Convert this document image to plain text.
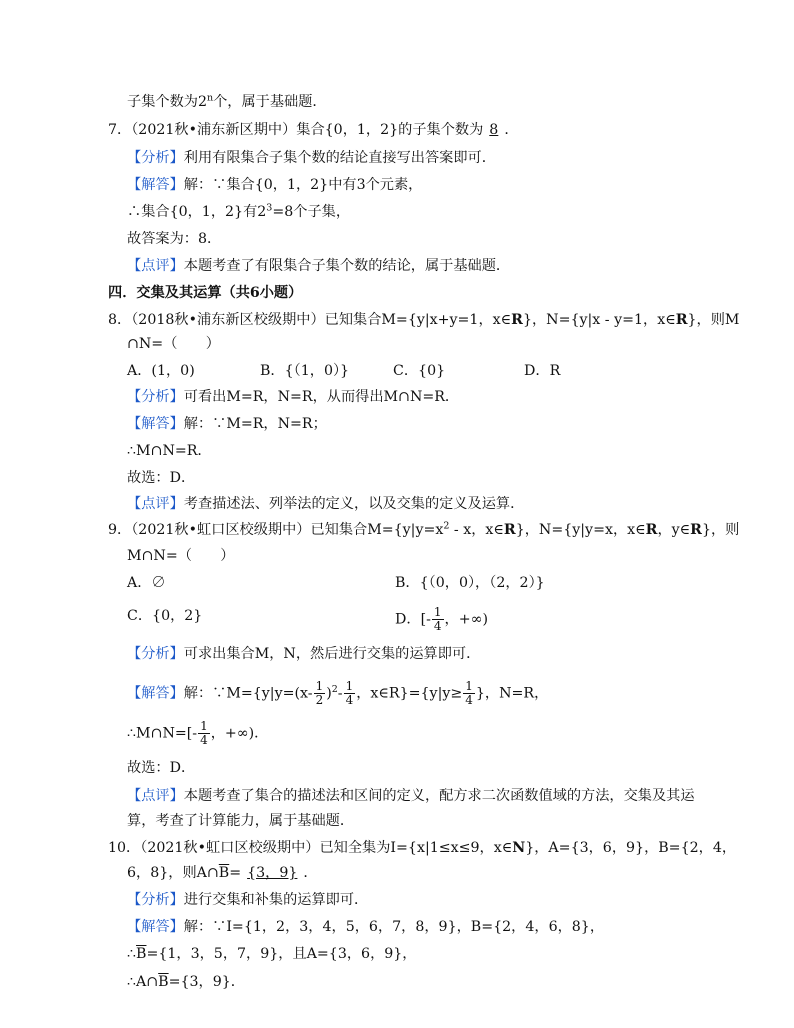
子集个数为2$^n$个，属于基础题．
7．（2021秋•浦东新区期中）集合{0，1，2}的子集个数为 8 ．
【分析】利用有限集合子集个数的结论直接写出答案即可．
【解答】解：∵集合{0，1，2}中有3个元素，
∴集合{0，1，2}有$2^3=8$个子集，
故答案为：8．
【点评】本题考查了有限集合子集个数的结论，属于基础题．
四．交集及其运算（共6小题）
8．（2018秋•浦东新区校级期中）已知集合M={y|x+y=1，x∈R}，N={y|x - y=1，x∈R}，则M
∩N=（　　）
A．(1，0)	B．{（1，0）}	C．{0}	D．R
【分析】可看出M=R，N=R，从而得出M∩N=R．
【解答】解：∵M=R，N=R；
∴M∩N=R．
故选：D．
【点评】考查描述法、列举法的定义，以及交集的定义及运算．
9．（2021秋•虹口区校级期中）已知集合$M=\{y|y=x^2 - x$，x∈R}，N={y|y=x，x∈R，y∈R}，则
M∩N=（　　）
A．∅	B．{（0，0），（2，2）}
C．{0，2}	D．[- $\frac{1}{4}$ ，+∞)
【分析】可求出集合M，N，然后进行交集的运算即可．
【解答】解：∵M={y|y=(x- $\frac{1}{2} )^2- \frac{1}{4}$ ，x∈R}={y|y≥ $\frac{1}{4}$ }，N=R，
∴M∩N=[- $\frac{1}{4}$ ，+∞)．
故选：D．
【点评】本题考查了集合的描述法和区间的定义，配方求二次函数值域的方法，交集及其运
算，考查了计算能力，属于基础题．
10．（2021秋•虹口区校级期中）已知全集为I={x|1≤x≤9，x∈N}，A={3，6，9}，B={2，4，
6，8}，则$A\cap\overline{B}= \{3$，9} ．
【分析】进行交集和补集的运算即可．
【解答】解：∵I={1，2，3，4，5，6，7，8，9}，B={2，4，6，8}，
$\therefore\overline{B}=\{1$，3，5，7，9}，且A={3，6，9}，
$\therefore A\cap\overline{B}=\{3$，9}．
